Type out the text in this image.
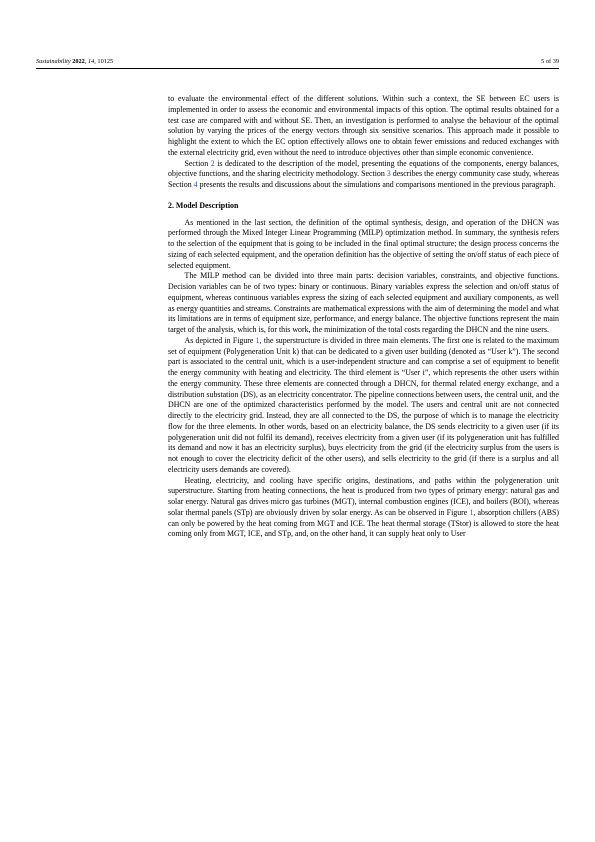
Sustainability 2022, 14, 10125	5 of 39

to evaluate the environmental effect of the different solutions. Within such a context, the SE between EC users is implemented in order to assess the economic and environmental impacts of this option. The optimal results obtained for a test case are compared with and without SE. Then, an investigation is performed to analyse the behaviour of the optimal solution by varying the prices of the energy vectors through six sensitive scenarios. This approach made it possible to highlight the extent to which the EC option effectively allows one to obtain fewer emissions and reduced exchanges with the external electricity grid, even without the need to introduce objectives other than simple economic convenience.

Section 2 is dedicated to the description of the model, presenting the equations of the components, energy balances, objective functions, and the sharing electricity methodology. Section 3 describes the energy community case study, whereas Section 4 presents the results and discussions about the simulations and comparisons mentioned in the previous paragraph.

2. Model Description

As mentioned in the last section, the definition of the optimal synthesis, design, and operation of the DHCN was performed through the Mixed Integer Linear Programming (MILP) optimization method. In summary, the synthesis refers to the selection of the equipment that is going to be included in the final optimal structure; the design process concerns the sizing of each selected equipment, and the operation definition has the objective of setting the on/off status of each piece of selected equipment.

The MILP method can be divided into three main parts: decision variables, constraints, and objective functions. Decision variables can be of two types: binary or continuous. Binary variables express the selection and on/off status of equipment, whereas continuous variables express the sizing of each selected equipment and auxiliary components, as well as energy quantities and streams. Constraints are mathematical expressions with the aim of determining the model and what its limitations are in terms of equipment size, performance, and energy balance. The objective functions represent the main target of the analysis, which is, for this work, the minimization of the total costs regarding the DHCN and the nine users.

As depicted in Figure 1, the superstructure is divided in three main elements. The first one is related to the maximum set of equipment (Polygeneration Unit k) that can be dedicated to a given user building (denoted as “User k”). The second part is associated to the central unit, which is a user-independent structure and can comprise a set of equipment to benefit the energy community with heating and electricity. The third element is “User i”, which represents the other users within the energy community. These three elements are connected through a DHCN, for thermal related energy exchange, and a distribution substation (DS), as an electricity concentrator. The pipeline connections between users, the central unit, and the DHCN are one of the optimized characteristics performed by the model. The users and central unit are not connected directly to the electricity grid. Instead, they are all connected to the DS, the purpose of which is to manage the electricity flow for the three elements. In other words, based on an electricity balance, the DS sends electricity to a given user (if its polygeneration unit did not fulfil its demand), receives electricity from a given user (if its polygeneration unit has fulfilled its demand and now it has an electricity surplus), buys electricity from the grid (if the electricity surplus from the users is not enough to cover the electricity deficit of the other users), and sells electricity to the grid (if there is a surplus and all electricity users demands are covered).

Heating, electricity, and cooling have specific origins, destinations, and paths within the polygeneration unit superstructure. Starting from heating connections, the heat is produced from two types of primary energy: natural gas and solar energy. Natural gas drives micro gas turbines (MGT), internal combustion engines (ICE), and boilers (BOI), whereas solar thermal panels (STp) are obviously driven by solar energy. As can be observed in Figure 1, absorption chillers (ABS) can only be powered by the heat coming from MGT and ICE. The heat thermal storage (TStor) is allowed to store the heat coming only from MGT, ICE, and STp, and, on the other hand, it can supply heat only to User
